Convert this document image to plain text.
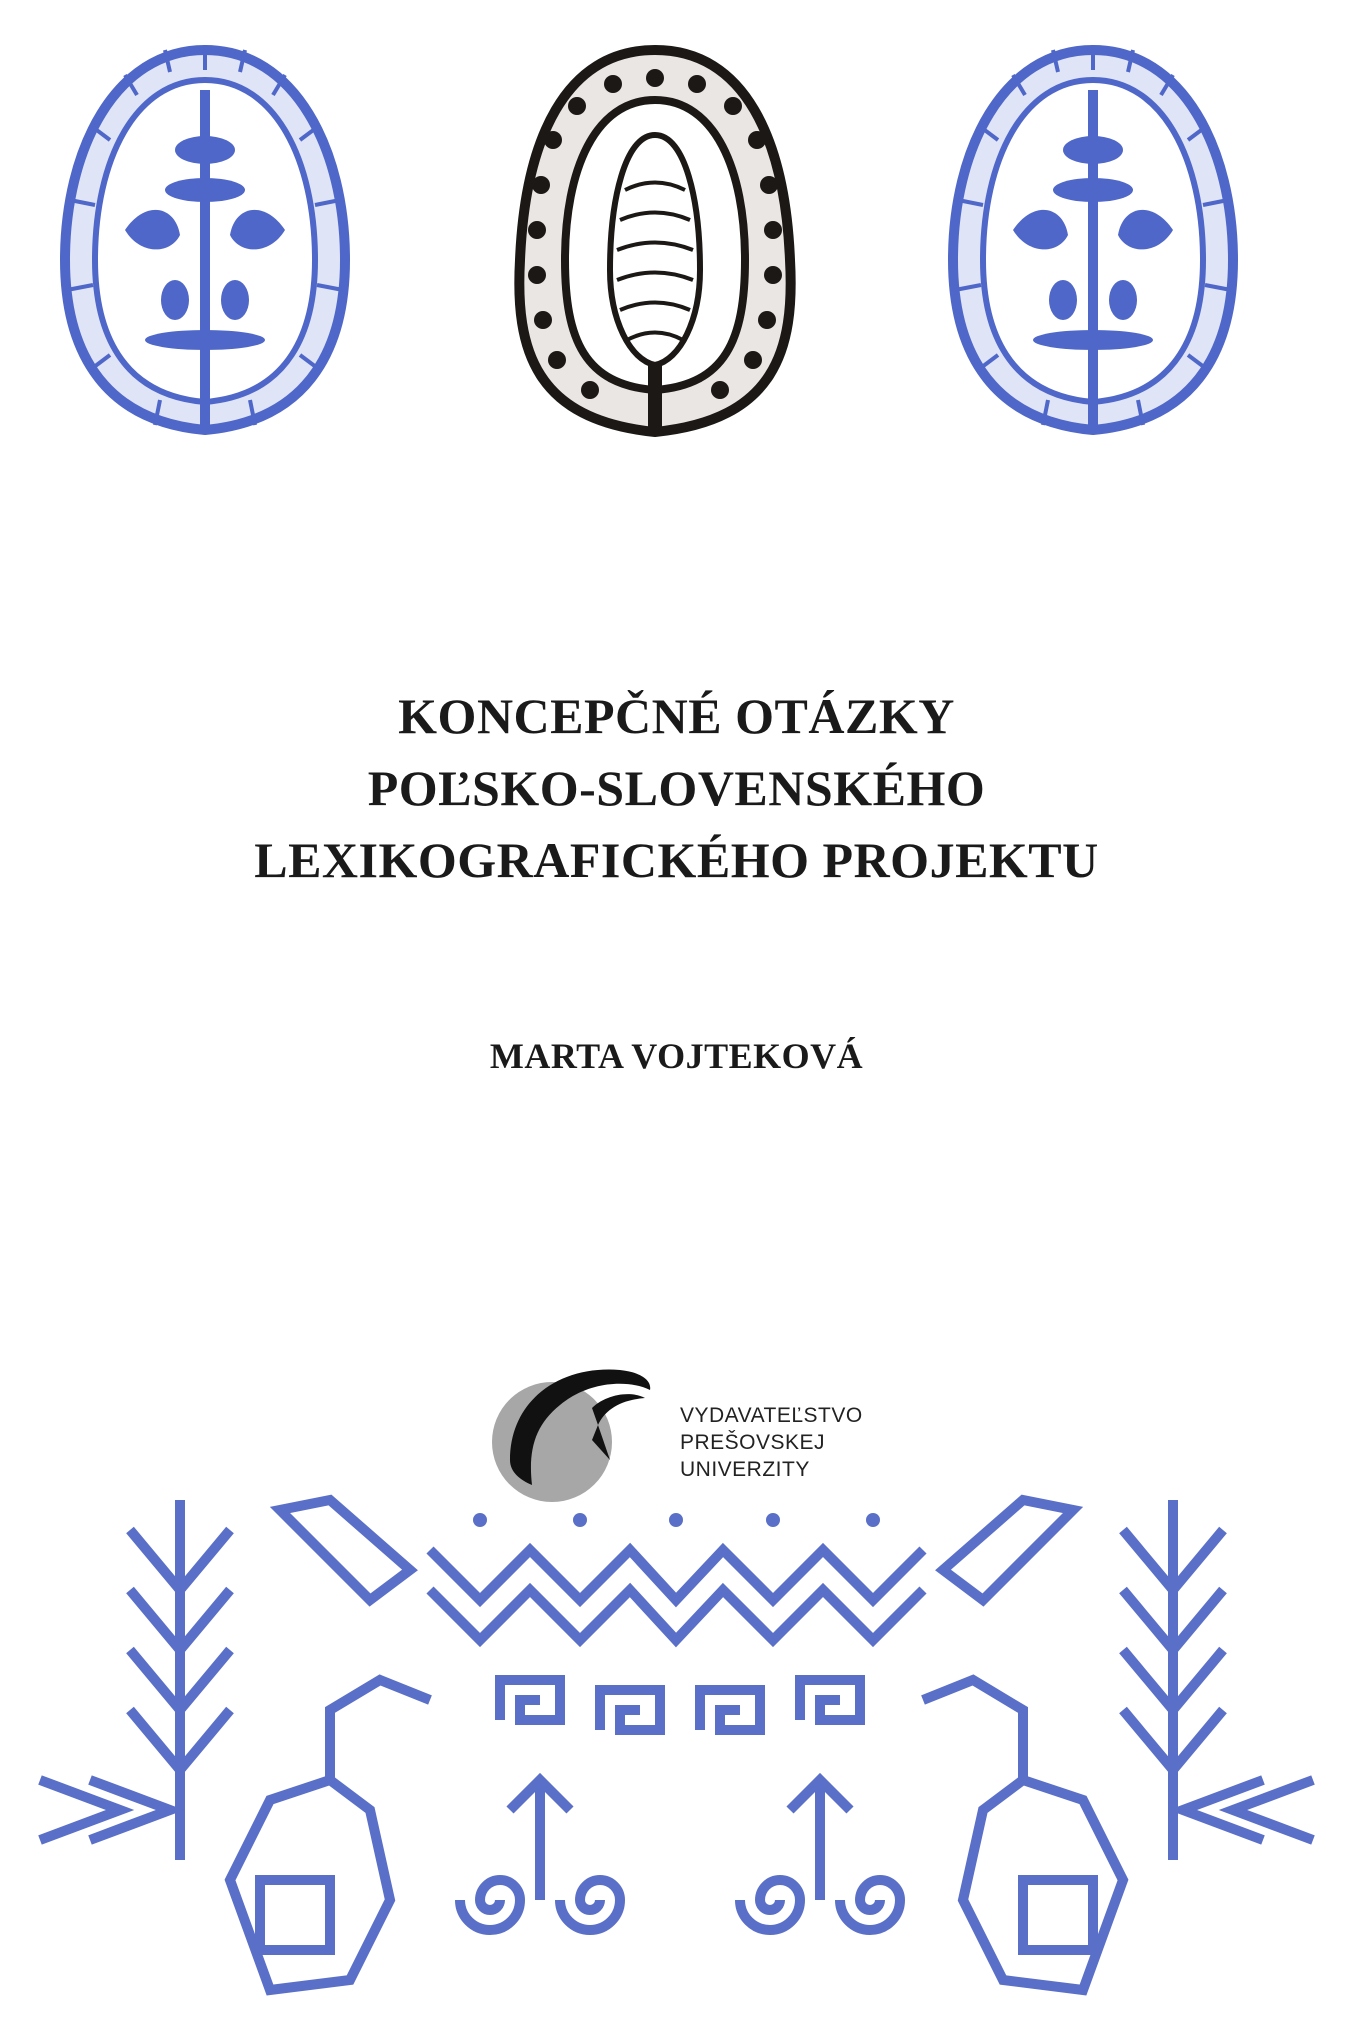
KONCEPČNÉ OTÁZKY
POĽSKO-SLOVENSKÉHO
LEXIKOGRAFICKÉHO PROJEKTU
MARTA VOJTEKOVÁ
VYDAVATEĽSTVO
PREŠOVSKEJ
UNIVERZITY
